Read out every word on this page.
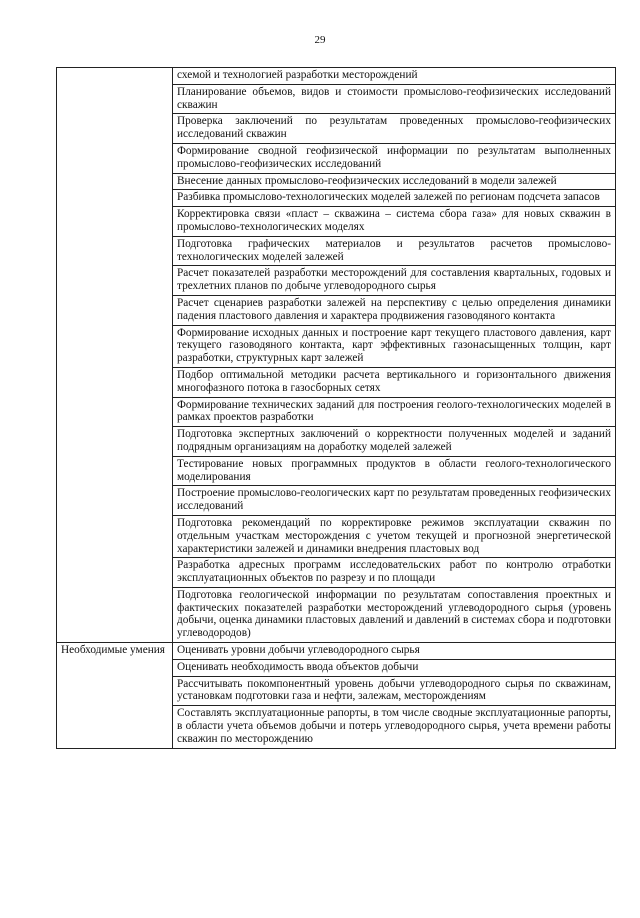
29
	схемой и технологией разработки месторождений
	Планирование объемов, видов и стоимости промыслово-геофизических исследований скважин
	Проверка заключений по результатам проведенных промыслово-геофизических исследований скважин
	Формирование сводной геофизической информации по результатам выполненных промыслово-геофизических исследований
	Внесение данных промыслово-геофизических исследований в модели залежей
	Разбивка промыслово-технологических моделей залежей по регионам подсчета запасов
	Корректировка связи «пласт – скважина – система сбора газа» для новых скважин в промыслово-технологических моделях
	Подготовка графических материалов и результатов расчетов промыслово-технологических моделей залежей
	Расчет показателей разработки месторождений для составления квартальных, годовых и трехлетних планов по добыче углеводородного сырья
	Расчет сценариев разработки залежей на перспективу с целью определения динамики падения пластового давления и характера продвижения газоводяного контакта
	Формирование исходных данных и построение карт текущего пластового давления, карт текущего газоводяного контакта, карт эффективных газонасыщенных толщин, карт разработки, структурных карт залежей
	Подбор оптимальной методики расчета вертикального и горизонтального движения многофазного потока в газосборных сетях
	Формирование технических заданий для построения геолого-технологических моделей в рамках проектов разработки
	Подготовка экспертных заключений о корректности полученных моделей и заданий подрядным организациям на доработку моделей залежей
	Тестирование новых программных продуктов в области геолого-технологического моделирования
	Построение промыслово-геологических карт по результатам проведенных геофизических исследований
	Подготовка рекомендаций по корректировке режимов эксплуатации скважин по отдельным участкам месторождения с учетом текущей и прогнозной энергетической характеристики залежей и динамики внедрения пластовых вод
	Разработка адресных программ исследовательских работ по контролю отработки эксплуатационных объектов по разрезу и по площади
	Подготовка геологической информации по результатам сопоставления проектных и фактических показателей разработки месторождений углеводородного сырья (уровень добычи, оценка динамики пластовых давлений и давлений в системах сбора и подготовки углеводородов)
Необходимые умения	Оценивать уровни добычи углеводородного сырья
	Оценивать необходимость ввода объектов добычи
	Рассчитывать покомпонентный уровень добычи углеводородного сырья по скважинам, установкам подготовки газа и нефти, залежам, месторождениям
	Составлять эксплуатационные рапорты, в том числе сводные эксплуатационные рапорты, в области учета объемов добычи и потерь углеводородного сырья, учета времени работы скважин по месторождению
